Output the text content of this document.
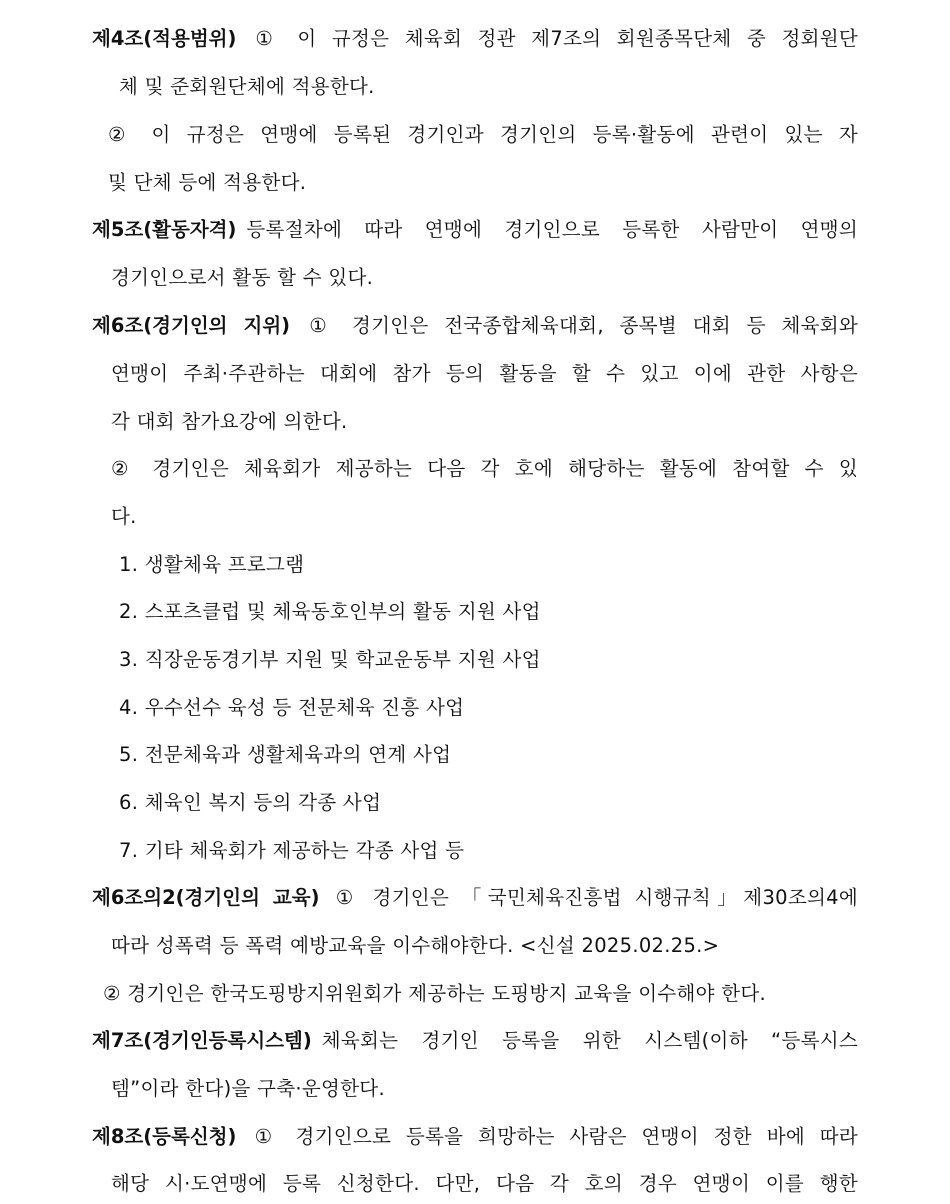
제4조(적용범위) ① 이 규정은 체육회 정관 제7조의 회원종목단체 중 정회원단
체 및 준회원단체에 적용한다.
② 이 규정은 연맹에 등록된 경기인과 경기인의 등록·활동에 관련이 있는 자
및 단체 등에 적용한다.
제5조(활동자격) 등록절차에 따라 연맹에 경기인으로 등록한 사람만이 연맹의
경기인으로서 활동 할 수 있다.
제6조(경기인의 지위) ① 경기인은 전국종합체육대회, 종목별 대회 등 체육회와
연맹이 주최·주관하는 대회에 참가 등의 활동을 할 수 있고 이에 관한 사항은
각 대회 참가요강에 의한다.
② 경기인은 체육회가 제공하는 다음 각 호에 해당하는 활동에 참여할 수 있
다.
1. 생활체육 프로그램
2. 스포츠클럽 및 체육동호인부의 활동 지원 사업
3. 직장운동경기부 지원 및 학교운동부 지원 사업
4. 우수선수 육성 등 전문체육 진흥 사업
5. 전문체육과 생활체육과의 연계 사업
6. 체육인 복지 등의 각종 사업
7. 기타 체육회가 제공하는 각종 사업 등
제6조의2(경기인의 교육) ① 경기인은 「국민체육진흥법 시행규칙」제30조의4에
따라 성폭력 등 폭력 예방교육을 이수해야한다. <신설 2025.02.25.>
② 경기인은 한국도핑방지위원회가 제공하는 도핑방지 교육을 이수해야 한다.
제7조(경기인등록시스템) 체육회는 경기인 등록을 위한 시스템(이하 “등록시스
템”이라 한다)을 구축·운영한다.
제8조(등록신청) ① 경기인으로 등록을 희망하는 사람은 연맹이 정한 바에 따라
해당 시·도연맹에 등록 신청한다. 다만, 다음 각 호의 경우 연맹이 이를 행한
